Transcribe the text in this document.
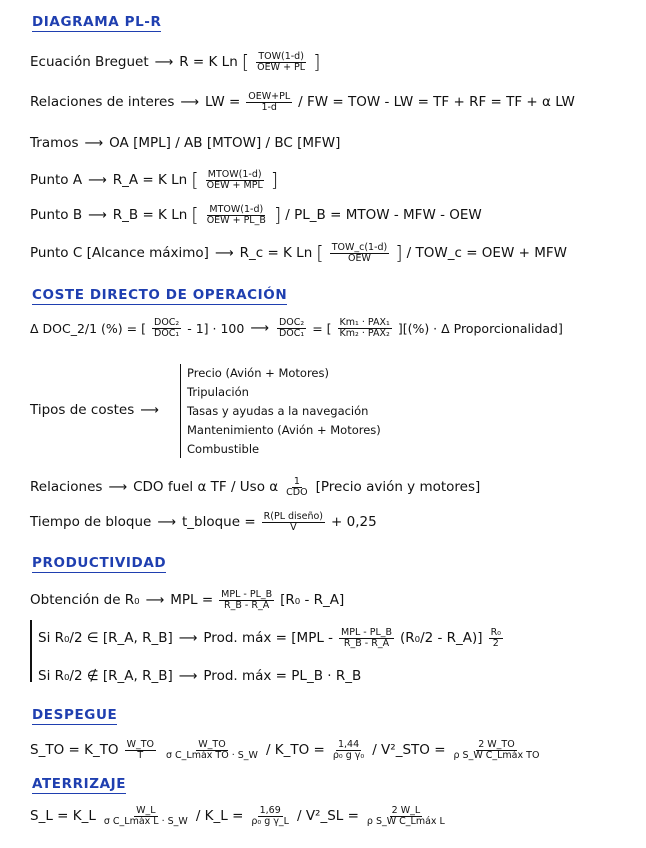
DIAGRAMA PL-R
Ecuación Breguet ⟶ R = K Ln [ $\frac{\text{TOW(1-d)}}{\text{OEW + PL}}$ ]
Relaciones de interes ⟶ LW = $\frac{\text{OEW+PL}}{1-d}$ / FW = TOW - LW = TF + RF = TF + α LW
Tramos ⟶ OA [MPL] / AB [MTOW] / BC [MFW]
Punto A ⟶ R_A = K Ln [ $\frac{\text{MTOW(1-d)}}{\text{OEW + MPL}}$ ]
Punto B ⟶ R_B = K Ln [ $\frac{\text{MTOW(1-d)}}{\text{OEW + PL\_B}}$ ] / PL_B = MTOW - MFW - OEW
Punto C [Alcance máximo] ⟶ R_c = K Ln [ $\frac{\text{TOW\_c(1-d)}}{\text{OEW}}$ ] / TOW_c = OEW + MFW
COSTE DIRECTO DE OPERACIÓN
Δ DOC_2/1 (%) = [ $\frac{\text{DOC₂}}{\text{DOC₁}} - 1] \cdot 100$ ⟶ $\frac{\text{DOC₂}}{\text{DOC₁}}$ = [ $\frac{\text{Km₁ · PAX₁}}{\text{Km₂ · PAX₂}}$ ][(%) · Δ Proporcionalidad]
Tipos de costes ⟶
Precio (Avión + Motores)
Tripulación
Tasas y ayudas a la navegación
Mantenimiento (Avión + Motores)
Combustible
Relaciones ⟶ CDO fuel α TF / Uso α $\frac{1}{\text{CDO}}$ [Precio avión y motores]
Tiempo de bloque ⟶ t_bloque = $\frac{\text{R(PL diseño)}}{V} + 0,25$
PRODUCTIVIDAD
Obtención de R₀ ⟶ MPL = $\frac{\text{MPL - PL\_B}}{R\_B - R\_A} [R_0$ - R_A]
Si R₀/2 ∈ [R_A, R_B] ⟶ Prod. máx = [$MPL - \frac{\text{MPL - PL\_B}}{R\_B - R\_A} (R_0/2$ - R_A)] $\frac{\text{R₀}}{2}$
Si R₀/2 ∉ [R_A, R_B] ⟶ Prod. máx = PL_B · R_B
DESPEGUE
S_TO = K_TO $\frac{W\_TO}{T} \frac{W\_TO}{\text{σ C\_Lmáx TO · S\_W}}$ / K_TO = $\frac{1,44}{\text{ρ₀ g γ₀}}$ / V²_STO = $\frac{2 W\_TO}{\text{ρ S\_W C\_Lmáx TO}}$
ATERRIZAJE
S_L = K_L $\frac{W\_L}{\text{σ C\_Lmáx L · S\_W}}$ / K_L = $\frac{1,69}{\text{ρ₀ g γ\_L}}$ / V²_SL = $\frac{2 W\_L}{\text{ρ S\_W C\_Lmáx L}}$
